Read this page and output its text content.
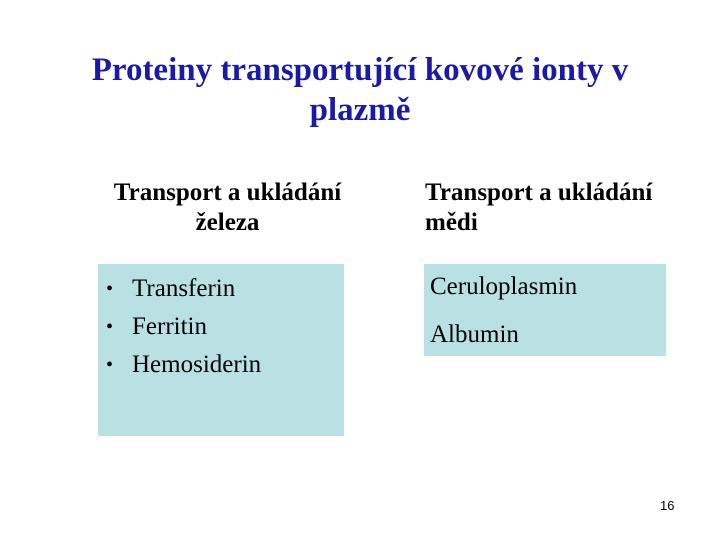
Proteiny transportující kovové ionty v
plazmě
Transport a ukládání
železa
Transport a ukládání
mědi
• Transferin
• Ferritin
• Hemosiderin
Ceruloplasmin
Albumin
16
